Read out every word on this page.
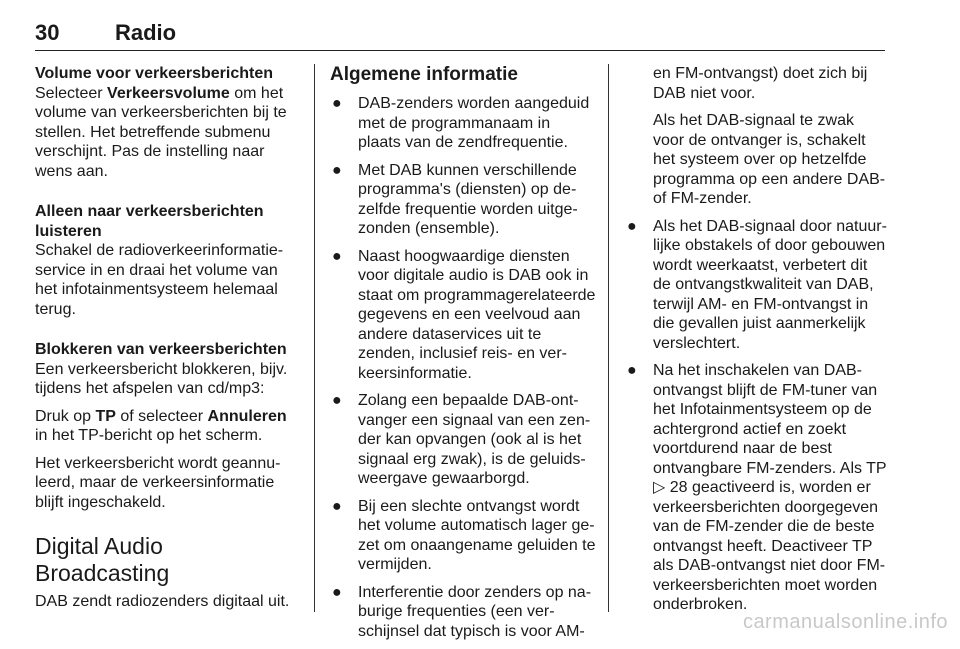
30	Radio

Volume voor verkeersberichten

Selecteer Verkeersvolume om het volume van verkeersberichten bij te stellen. Het betreffende submenu verschijnt. Pas de instelling naar wens aan.

Alleen naar verkeersberichten luisteren

Schakel de radioverkeerinformatieservice in en draai het volume van het infotainmentsysteem helemaal terug.

Blokkeren van verkeersberichten

Een verkeersbericht blokkeren, bijv. tijdens het afspelen van cd/mp3:

Druk op TP of selecteer Annuleren in het TP-bericht op het scherm.

Het verkeersbericht wordt geannuleerd, maar de verkeersinformatie blijft ingeschakeld.

Digital Audio Broadcasting

DAB zendt radiozenders digitaal uit.

Algemene informatie
● DAB-zenders worden aangeduid met de programmanaam in plaats van de zendfrequentie.
● Met DAB kunnen verschillende programma's (diensten) op dezelfde frequentie worden uitgezonden (ensemble).
● Naast hoogwaardige diensten voor digitale audio is DAB ook in staat om programmagerelateerde gegevens en een veelvoud aan andere dataservices uit te zenden, inclusief reis- en verkeersinformatie.
● Zolang een bepaalde DAB-ontvanger een signaal van een zender kan opvangen (ook al is het signaal erg zwak), is de geluidsweergave gewaarborgd.
● Bij een slechte ontvangst wordt het volume automatisch lager gezet om onaangename geluiden te vermijden.
● Interferentie door zenders op naburige frequenties (een verschijnsel dat typisch is voor AM-

en FM-ontvangst) doet zich bij DAB niet voor.

Als het DAB-signaal te zwak voor de ontvanger is, schakelt het systeem over op hetzelfde programma op een andere DAB- of FM-zender.

● Als het DAB-signaal door natuurlijke obstakels of door gebouwen wordt weerkaatst, verbetert dit de ontvangstkwaliteit van DAB, terwijl AM- en FM-ontvangst in die gevallen juist aanmerkelijk verslechtert.
● Na het inschakelen van DAB-ontvangst blijft de FM-tuner van het Infotainmentsysteem op de achtergrond actief en zoekt voortdurend naar de best ontvangbare FM-zenders. Als TP ▷ 28 geactiveerd is, worden er verkeersberichten doorgegeven van de FM-zender die de beste ontvangst heeft. Deactiveer TP als DAB-ontvangst niet door FM-verkeersberichten moet worden onderbroken.
carmanualsonline.info
